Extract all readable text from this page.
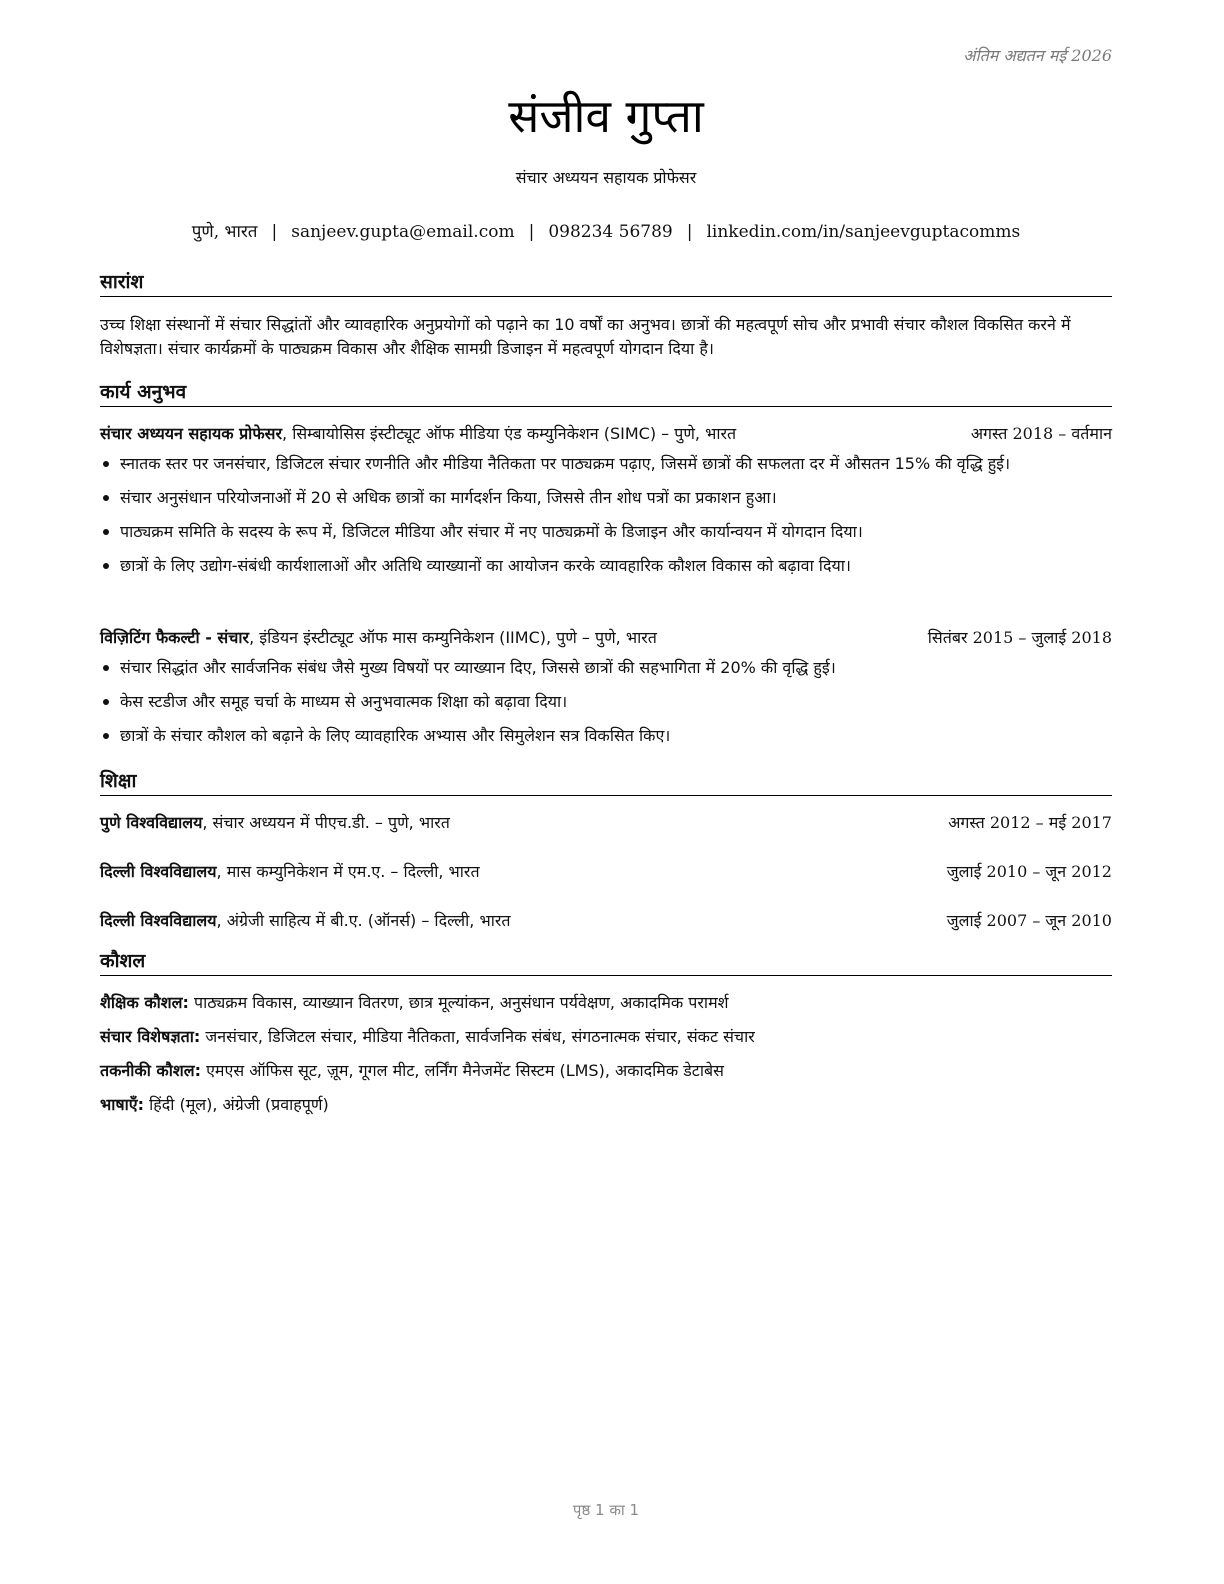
अंतिम अद्यतन मई 2026
संजीव गुप्ता
संचार अध्ययन सहायक प्रोफेसर
पुणे, भारत | sanjeev.gupta@email.com | 098234 56789 | linkedin.com/in/sanjeevguptacomms
सारांश

उच्च शिक्षा संस्थानों में संचार सिद्धांतों और व्यावहारिक अनुप्रयोगों को पढ़ाने का 10 वर्षों का अनुभव। छात्रों की महत्वपूर्ण सोच और प्रभावी संचार कौशल विकसित करने में विशेषज्ञता। संचार कार्यक्रमों के पाठ्यक्रम विकास और शैक्षिक सामग्री डिजाइन में महत्वपूर्ण योगदान दिया है।

कार्य अनुभव
संचार अध्ययन सहायक प्रोफेसर, सिम्बायोसिस इंस्टीट्यूट ऑफ मीडिया एंड कम्युनिकेशन (SIMC) – पुणे, भारत	अगस्त 2018 – वर्तमान
स्नातक स्तर पर जनसंचार, डिजिटल संचार रणनीति और मीडिया नैतिकता पर पाठ्यक्रम पढ़ाए, जिसमें छात्रों की सफलता दर में औसतन 15% की वृद्धि हुई।
संचार अनुसंधान परियोजनाओं में 20 से अधिक छात्रों का मार्गदर्शन किया, जिससे तीन शोध पत्रों का प्रकाशन हुआ।
पाठ्यक्रम समिति के सदस्य के रूप में, डिजिटल मीडिया और संचार में नए पाठ्यक्रमों के डिजाइन और कार्यान्वयन में योगदान दिया।
छात्रों के लिए उद्योग-संबंधी कार्यशालाओं और अतिथि व्याख्यानों का आयोजन करके व्यावहारिक कौशल विकास को बढ़ावा दिया।
विज़िटिंग फैकल्टी - संचार, इंडियन इंस्टीट्यूट ऑफ मास कम्युनिकेशन (IIMC), पुणे – पुणे, भारत	सितंबर 2015 – जुलाई 2018
संचार सिद्धांत और सार्वजनिक संबंध जैसे मुख्य विषयों पर व्याख्यान दिए, जिससे छात्रों की सहभागिता में 20% की वृद्धि हुई।
केस स्टडीज और समूह चर्चा के माध्यम से अनुभवात्मक शिक्षा को बढ़ावा दिया।
छात्रों के संचार कौशल को बढ़ाने के लिए व्यावहारिक अभ्यास और सिमुलेशन सत्र विकसित किए।
शिक्षा
पुणे विश्वविद्यालय, संचार अध्ययन में पीएच.डी. – पुणे, भारत	अगस्त 2012 – मई 2017
दिल्ली विश्वविद्यालय, मास कम्युनिकेशन में एम.ए. – दिल्ली, भारत	जुलाई 2010 – जून 2012
दिल्ली विश्वविद्यालय, अंग्रेजी साहित्य में बी.ए. (ऑनर्स) – दिल्ली, भारत	जुलाई 2007 – जून 2010
कौशल
शैक्षिक कौशल: पाठ्यक्रम विकास, व्याख्यान वितरण, छात्र मूल्यांकन, अनुसंधान पर्यवेक्षण, अकादमिक परामर्श
संचार विशेषज्ञता: जनसंचार, डिजिटल संचार, मीडिया नैतिकता, सार्वजनिक संबंध, संगठनात्मक संचार, संकट संचार
तकनीकी कौशल: एमएस ऑफिस सूट, ज़ूम, गूगल मीट, लर्निंग मैनेजमेंट सिस्टम (LMS), अकादमिक डेटाबेस
भाषाएँ: हिंदी (मूल), अंग्रेजी (प्रवाहपूर्ण)
पृष्ठ 1 का 1
